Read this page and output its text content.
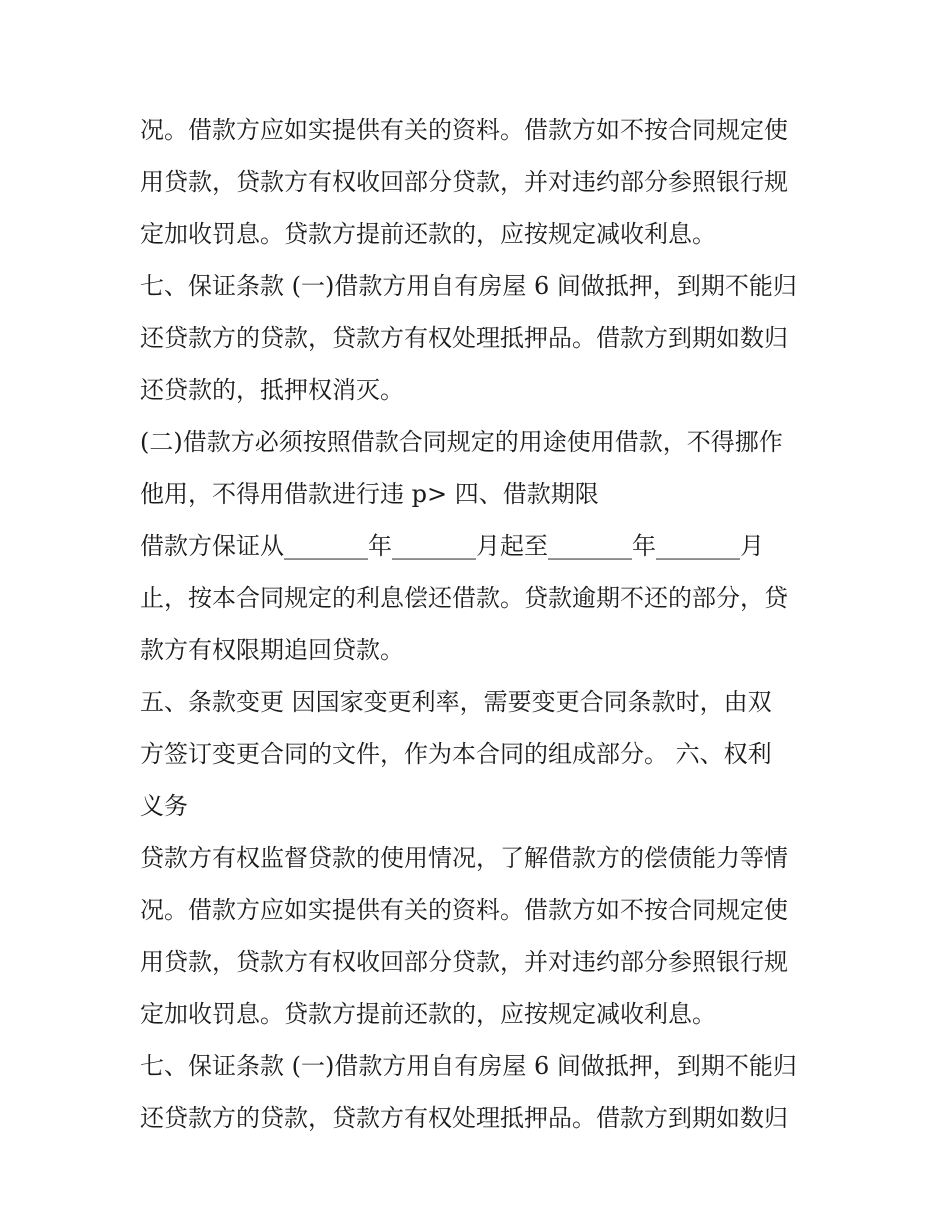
况。借款方应如实提供有关的资料。借款方如不按合同规定使
用贷款，贷款方有权收回部分贷款，并对违约部分参照银行规
定加收罚息。贷款方提前还款的，应按规定减收利息。
七、保证条款 (一)借款方用自有房屋 6 间做抵押，到期不能归
还贷款方的贷款，贷款方有权处理抵押品。借款方到期如数归
还贷款的，抵押权消灭。
(二)借款方必须按照借款合同规定的用途使用借款，不得挪作
他用，不得用借款进行违 p> 四、借款期限
借款方保证从_______年_______月起至_______年_______月
止，按本合同规定的利息偿还借款。贷款逾期不还的部分，贷
款方有权限期追回贷款。
五、条款变更 因国家变更利率，需要变更合同条款时，由双
方签订变更合同的文件，作为本合同的组成部分。 六、权利
义务
贷款方有权监督贷款的使用情况，了解借款方的偿债能力等情
况。借款方应如实提供有关的资料。借款方如不按合同规定使
用贷款，贷款方有权收回部分贷款，并对违约部分参照银行规
定加收罚息。贷款方提前还款的，应按规定减收利息。
七、保证条款 (一)借款方用自有房屋 6 间做抵押，到期不能归
还贷款方的贷款，贷款方有权处理抵押品。借款方到期如数归
